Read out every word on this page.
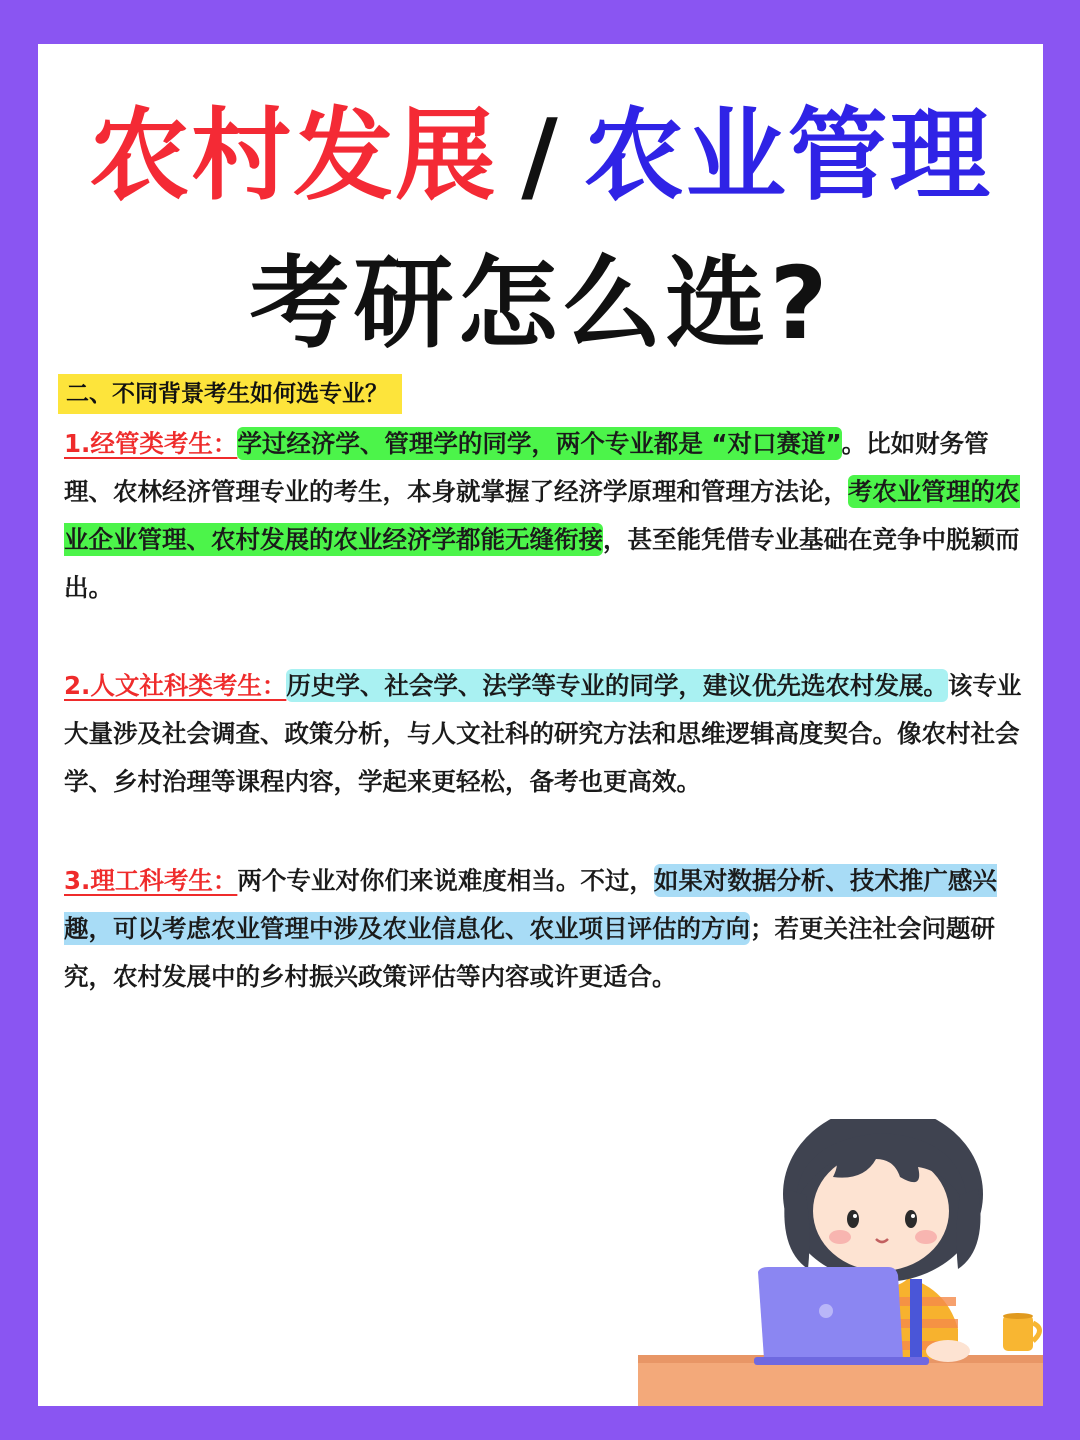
农村发展 / 农业管理
考研怎么选?
二、不同背景考生如何选专业？
1.经管类考生：学过经济学、管理学的同学，两个专业都是 “对口赛道”。比如财务管理、农林经济管理专业的考生，本身就掌握了经济学原理和管理方法论，考农业管理的农业企业管理、农村发展的农业经济学都能无缝衔接，甚至能凭借专业基础在竞争中脱颖而出。
2.人文社科类考生：历史学、社会学、法学等专业的同学，建议优先选农村发展。该专业大量涉及社会调查、政策分析，与人文社科的研究方法和思维逻辑高度契合。像农村社会学、乡村治理等课程内容，学起来更轻松，备考也更高效。
3.理工科考生：两个专业对你们来说难度相当。不过，如果对数据分析、技术推广感兴趣，可以考虑农业管理中涉及农业信息化、农业项目评估的方向；若更关注社会问题研究，农村发展中的乡村振兴政策评估等内容或许更适合。
